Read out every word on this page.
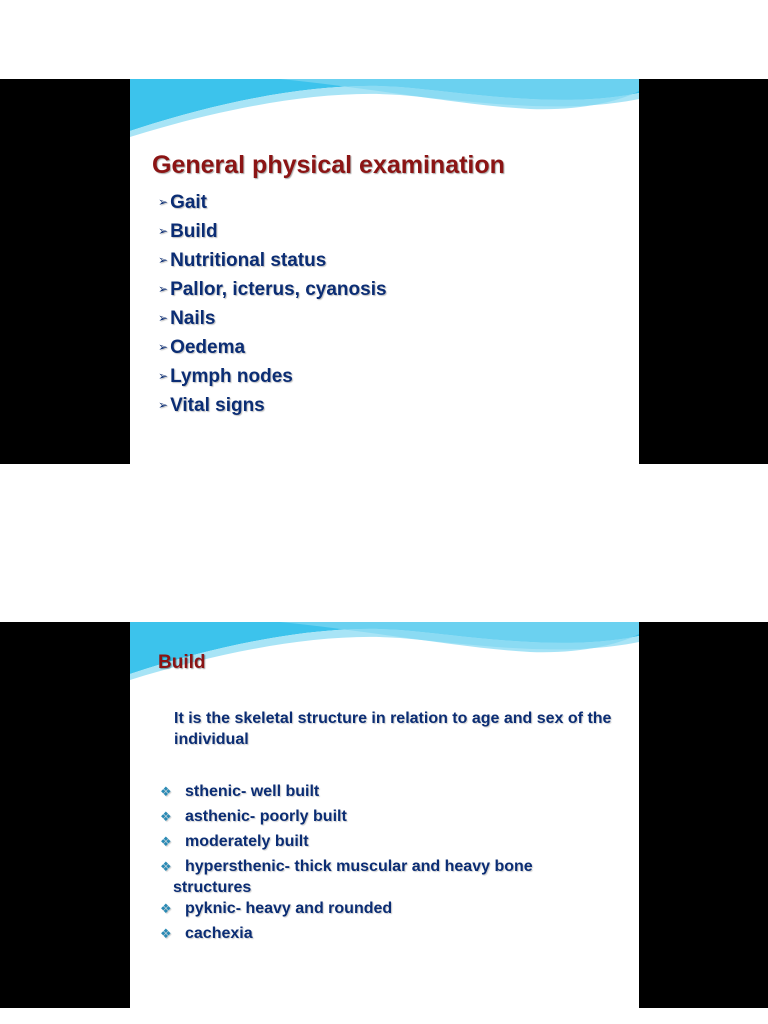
General physical examination
➢ Gait
➢ Build
➢ Nutritional status
➢ Pallor, icterus, cyanosis
➢ Nails
➢ Oedema
➢ Lymph nodes
➢ Vital signs
Build

It is the skeletal structure in relation to age and sex of the individual

❖ sthenic- well built
❖ asthenic- poorly built
❖ moderately built
❖ hypersthenic- thick muscular and heavy bone
structures
❖ pyknic- heavy and rounded
❖ cachexia
